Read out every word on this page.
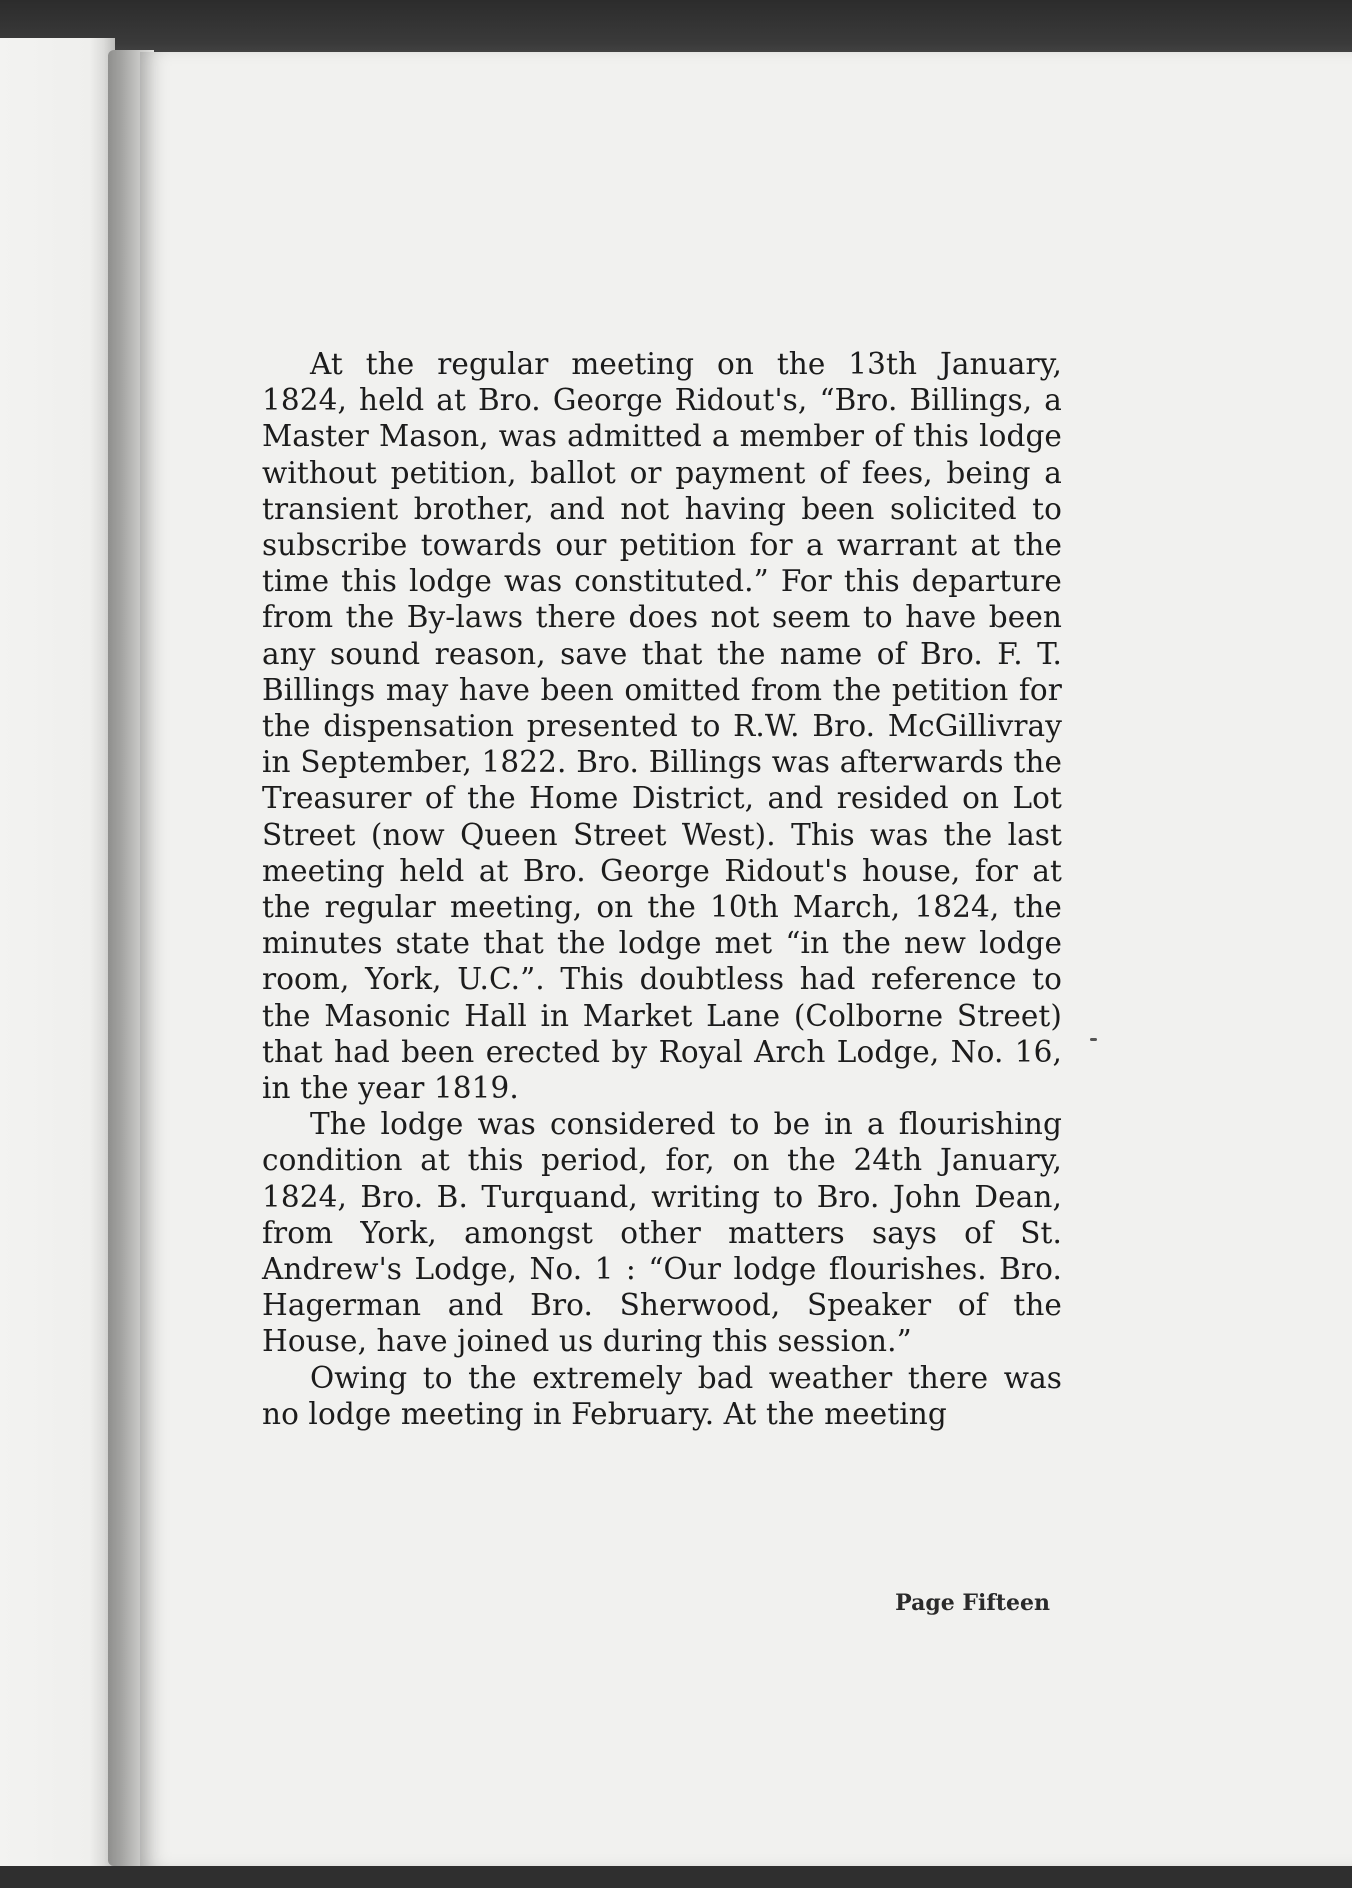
At the regular meeting on the 13th January, 1824, held at Bro. George Ridout's, “Bro. Billings, a Master Mason, was admitted a member of this lodge without petition, ballot or payment of fees, being a transient brother, and not having been solicited to subscribe towards our petition for a warrant at the time this lodge was constituted.” For this departure from the By-laws there does not seem to have been any sound reason, save that the name of Bro. F. T. Billings may have been omitted from the petition for the dispensation presented to R.W. Bro. McGillivray in September, 1822. Bro. Billings was afterwards the Treasurer of the Home District, and resided on Lot Street (now Queen Street West). This was the last meeting held at Bro. George Ridout's house, for at the regular meeting, on the 10th March, 1824, the minutes state that the lodge met “in the new lodge room, York, U.C.”. This doubtless had reference to the Masonic Hall in Market Lane (Colborne Street) that had been erected by Royal Arch Lodge, No. 16, in the year 1819.

The lodge was considered to be in a flourishing condition at this period, for, on the 24th January, 1824, Bro. B. Turquand, writing to Bro. John Dean, from York, amongst other matters says of St. Andrew's Lodge, No. 1 : “Our lodge flourishes. Bro. Hagerman and Bro. Sherwood, Speaker of the House, have joined us during this session.”

Owing to the extremely bad weather there was no lodge meeting in February. At the meeting

Page Fifteen
